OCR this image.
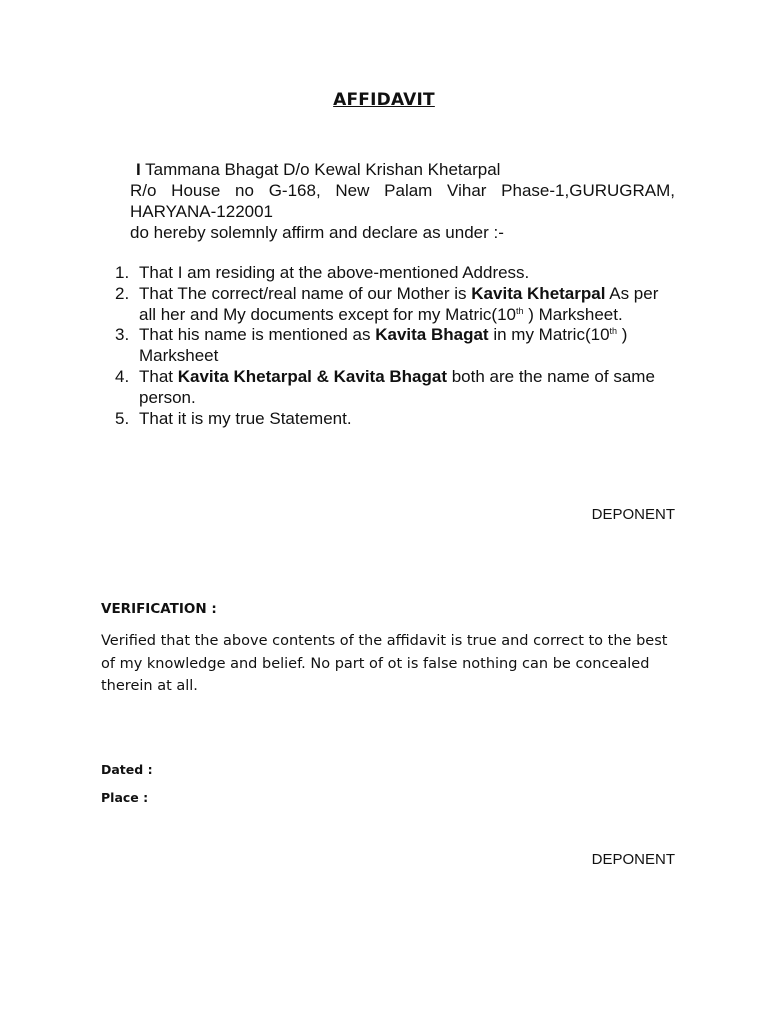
AFFIDAVIT
I Tammana Bhagat D/o Kewal Krishan Khetarpal
R/o House no G-168, New Palam Vihar Phase-1,GURUGRAM,
HARYANA-122001
do hereby solemnly affirm and declare as under :-
1. That I am residing at the above-mentioned Address.
2. That The correct/real name of our Mother is Kavita Khetarpal As per all her and My documents except for my Matric(10th ) Marksheet.
3. That his name is mentioned as Kavita Bhagat in my Matric(10th ) Marksheet
4. That Kavita Khetarpal & Kavita Bhagat both are the name of same person.
5. That it is my true Statement.
DEPONENT
VERIFICATION :
Verified that the above contents of the affidavit is true and correct to the best of my knowledge and belief. No part of ot is false nothing can be concealed therein at all.
Dated :
Place :
DEPONENT
